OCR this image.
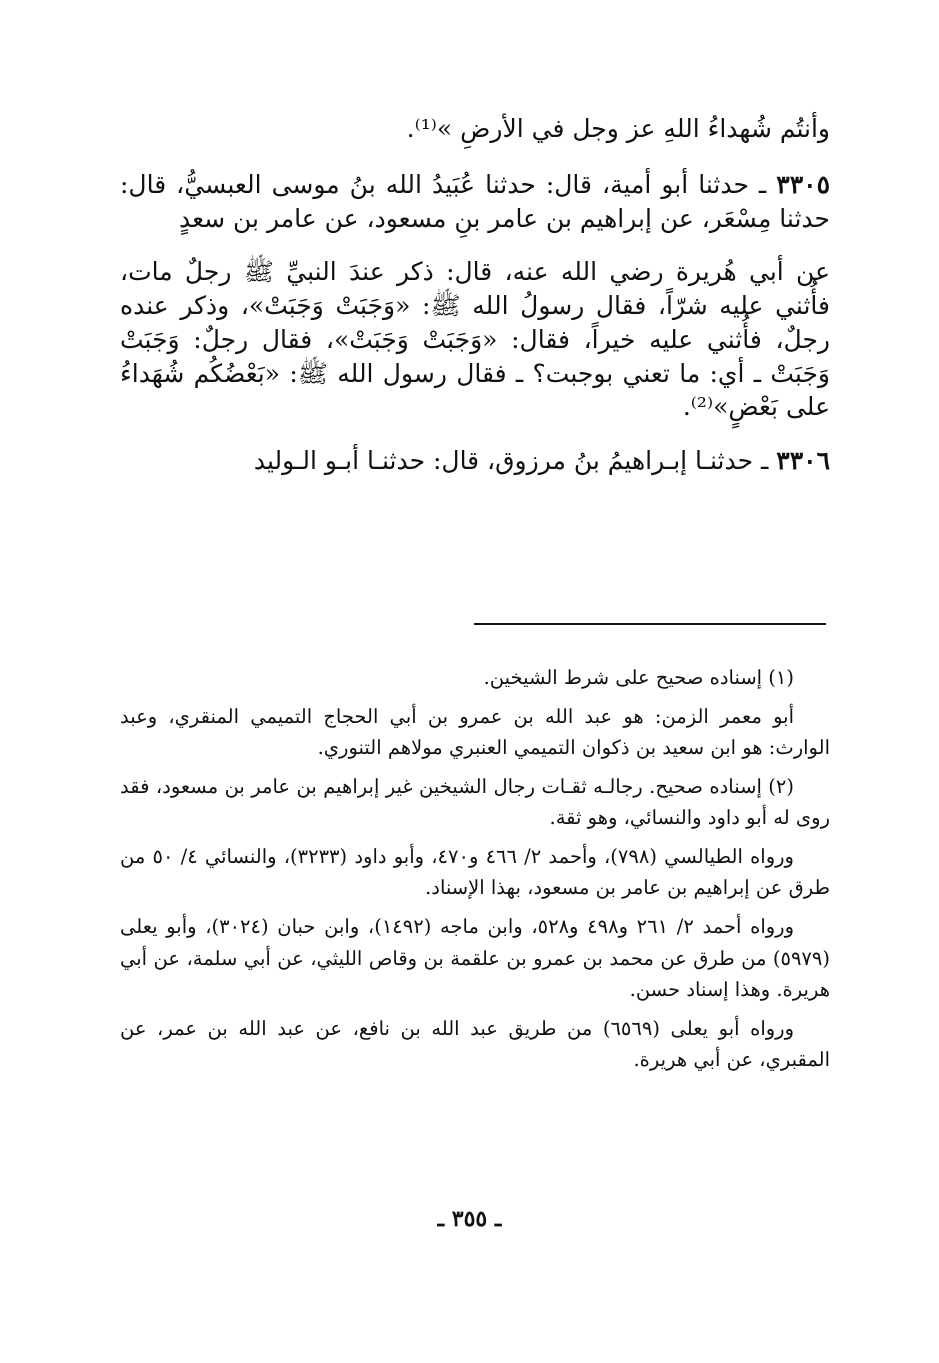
وأنتُم شُهداءُ اللهِ عز وجل في الأرضِ »⁽¹⁾.

٣٣٠٥ ـ حدثنا أبو أمية، قال: حدثنا عُبَيدُ الله بنُ موسى العبسيُّ، قال: حدثنا مِسْعَر، عن إبراهيم بن عامر بنِ مسعود، عن عامر بن سعدٍ

عن أبي هُريرة رضي الله عنه، قال: ذكر عندَ النبيِّ ﷺ رجلٌ مات، فأُثني عليه شرّاً، فقال رسولُ الله ﷺ: «وَجَبَتْ وَجَبَتْ»، وذكر عنده رجلٌ، فأُثني عليه خيراً، فقال: «وَجَبَتْ وَجَبَتْ»، فقال رجلٌ: وَجَبَتْ وَجَبَتْ ـ أي: ما تعني بوجبت؟ ـ فقال رسول الله ﷺ: «بَعْضُكُم شُهَداءُ على بَعْضٍ»⁽²⁾.

٣٣٠٦ ـ حدثنـا إبـراهيمُ بنُ مرزوق، قال: حدثنـا أبـو الـوليد

(١) إسناده صحيح على شرط الشيخين.

أبو معمر الزمن: هو عبد الله بن عمرو بن أبي الحجاج التميمي المنقري، وعبد الوارث: هو ابن سعيد بن ذكوان التميمي العنبري مولاهم التنوري.

(٢) إسناده صحيح. رجالـه ثقـات رجال الشيخين غير إبراهيم بن عامر بن مسعود، فقد روى له أبو داود والنسائي، وهو ثقة.

ورواه الطيالسي (٧٩٨)، وأحمد ٢/ ٤٦٦ و٤٧٠، وأبو داود (٣٢٣٣)، والنسائي ٤/ ٥٠ من طرق عن إبراهيم بن عامر بن مسعود، بهذا الإسناد.

ورواه أحمد ٢/ ٢٦١ و٤٩٨ و٥٢٨، وابن ماجه (١٤٩٢)، وابن حبان (٣٠٢٤)، وأبو يعلى (٥٩٧٩) من طرق عن محمد بن عمرو بن علقمة بن وقاص الليثي، عن أبي سلمة، عن أبي هريرة. وهذا إسناد حسن.

ورواه أبو يعلى (٦٥٦٩) من طريق عبد الله بن نافع، عن عبد الله بن عمر، عن المقبري، عن أبي هريرة.

ـ ٣٥٥ ـ
